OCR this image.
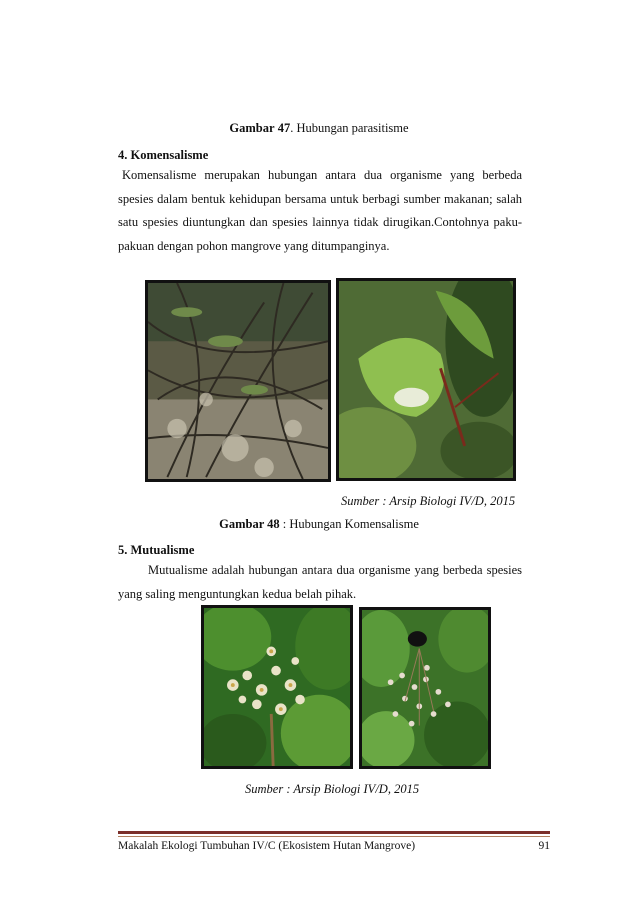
Gambar 47. Hubungan parasitisme
4. Komensalisme
Komensalisme merupakan hubungan antara dua organisme yang berbeda
spesies dalam bentuk kehidupan bersama untuk berbagi sumber makanan; salah
satu spesies diuntungkan dan spesies lainnya tidak dirugikan.Contohnya paku-
pakuan dengan pohon mangrove yang ditumpanginya.
Sumber : Arsip Biologi IV/D, 2015
Gambar 48 : Hubungan Komensalisme
5. Mutualisme
Mutualisme adalah hubungan antara dua organisme yang berbeda spesies
yang saling menguntungkan kedua belah pihak.
Sumber : Arsip Biologi IV/D, 2015
Makalah Ekologi Tumbuhan IV/C (Ekosistem Hutan Mangrove)	91
